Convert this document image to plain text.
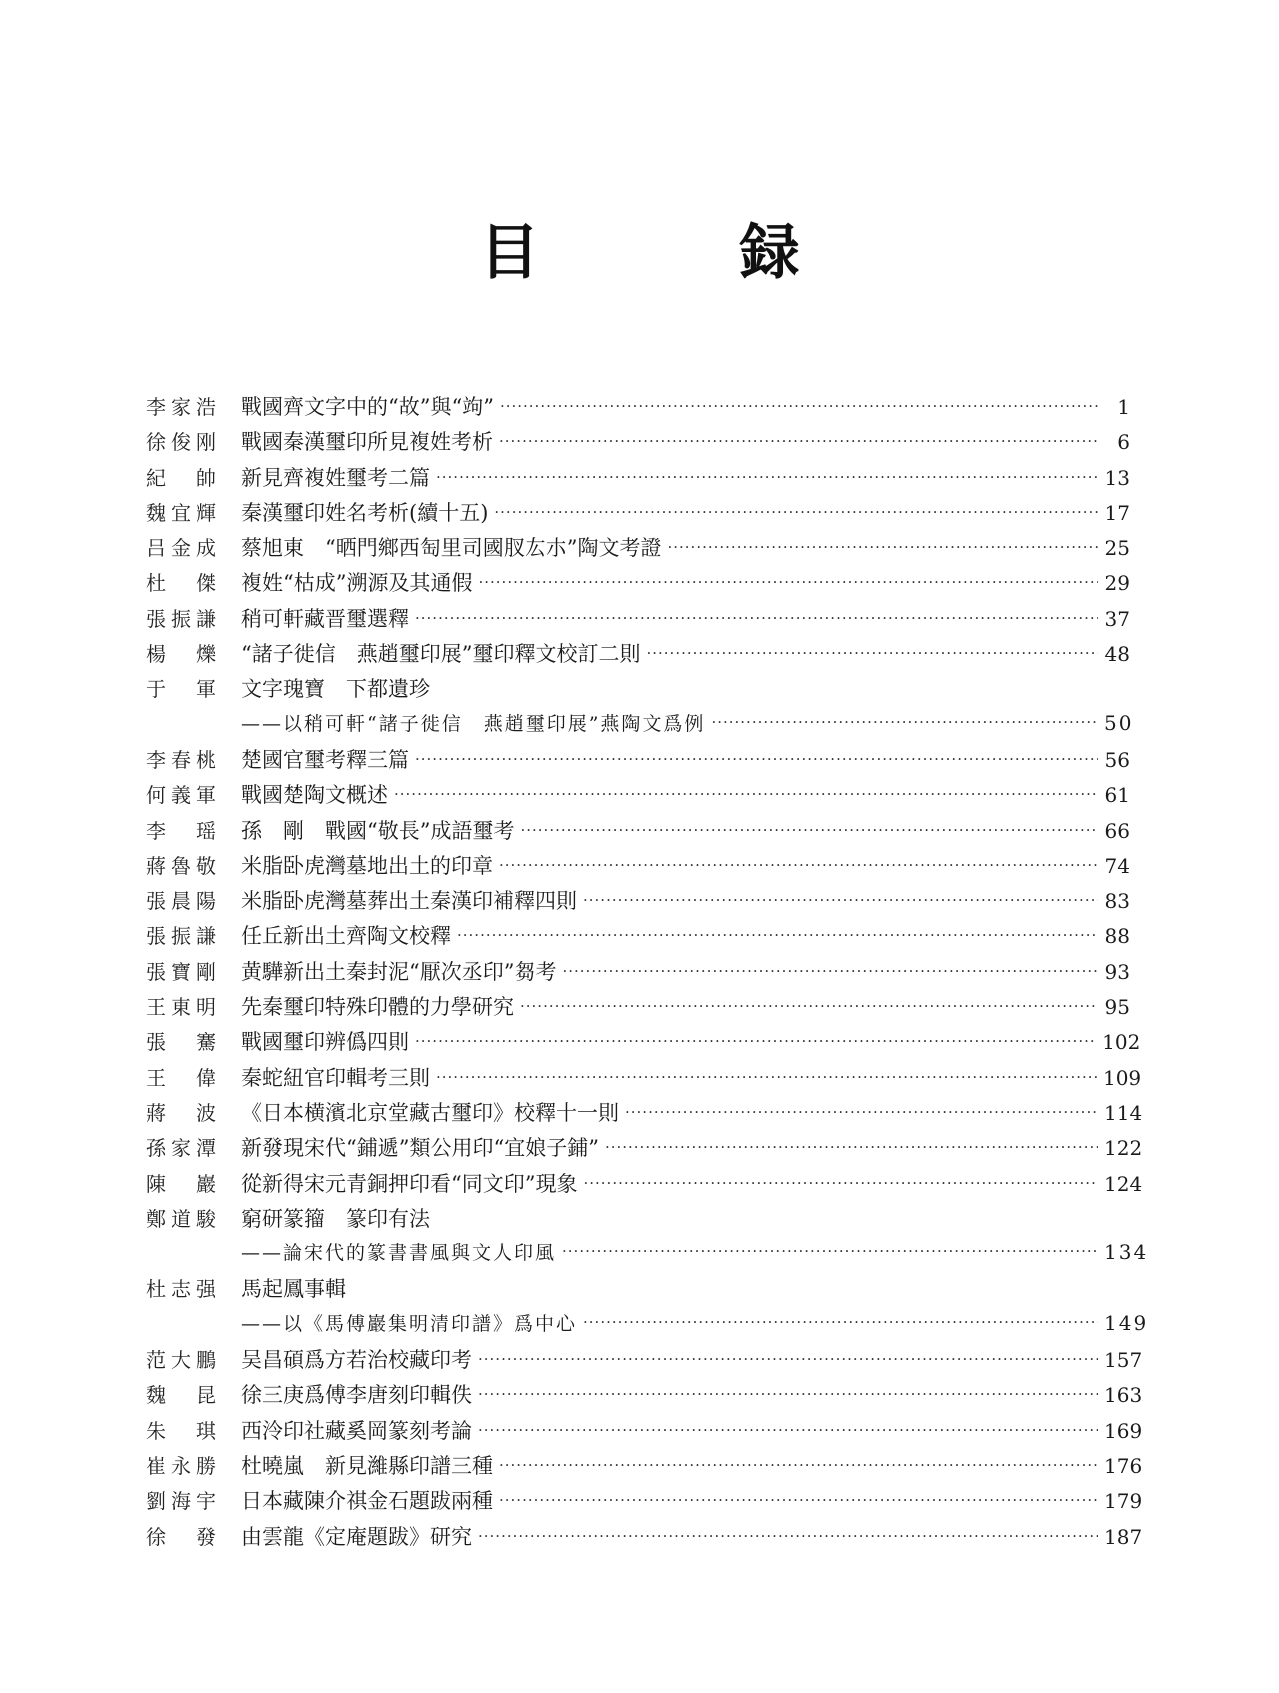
目　録
李 家 浩 戰國齊文字中的“故”與“竘” ·····	1
徐 俊 刚 戰國秦漢璽印所見複姓考析 ·····	6
紀 帥 新見齊複姓璽考二篇 ·····	13
魏 宜 輝 秦漢璽印姓名考析(續十五) ·····	17
吕 金 成 蔡旭東　“晒門鄉西匋里司國肞厷朩”陶文考證 ·····	25
杜 傑 複姓“枯成”溯源及其通假 ·····	29
張 振 謙 稍可軒藏晋璽選釋 ·····	37
楊 爍 “諸子徙信　燕趙璽印展”璽印釋文校訂二則 ·····	48
于 軍 文字瑰寶　下都遺珍
——以稍可軒“諸子徙信　燕趙璽印展”燕陶文爲例 ·····	50
李 春 桃 楚國官璽考釋三篇 ·····	56
何 義 軍 戰國楚陶文概述 ·····	61
李 瑶 孫　剛　戰國“敬長”成語璽考 ·····	66
蔣 魯 敬 米脂卧虎灣墓地出土的印章 ·····	74
張 晨 陽 米脂卧虎灣墓葬出土秦漢印補釋四則 ·····	83
張 振 謙 任丘新出土齊陶文校釋 ·····	88
張 寶 剛 黄驊新出土秦封泥“厭次丞印”芻考 ·····	93
王 東 明 先秦璽印特殊印體的力學研究 ·····	95
張 騫 戰國璽印辨僞四則 ·····	102
王 偉 秦蛇紐官印輯考三則 ·····	109
蔣 波 《日本横濱北京堂藏古璽印》校釋十一則 ·····	114
孫 家 潭 新發現宋代“鋪遞”類公用印“宜娘子鋪” ·····	122
陳 巖 從新得宋元青銅押印看“同文印”現象 ·····	124
鄭 道 駿 窮研篆籀　篆印有法
——論宋代的篆書書風與文人印風 ·····	134
杜 志 强 馬起鳳事輯
——以《馬傅巖集明清印譜》爲中心 ·····	149
范 大 鵬 吴昌碩爲方若治校藏印考 ·····	157
魏 昆 徐三庚爲傅李唐刻印輯佚 ·····	163
朱 琪 西泠印社藏奚岡篆刻考論 ·····	169
崔 永 勝 杜曉嵐　新見濰縣印譜三種 ·····	176
劉 海 宇 日本藏陳介祺金石題跋兩種 ·····	179
徐 發 由雲龍《定庵題跋》研究 ·····	187
